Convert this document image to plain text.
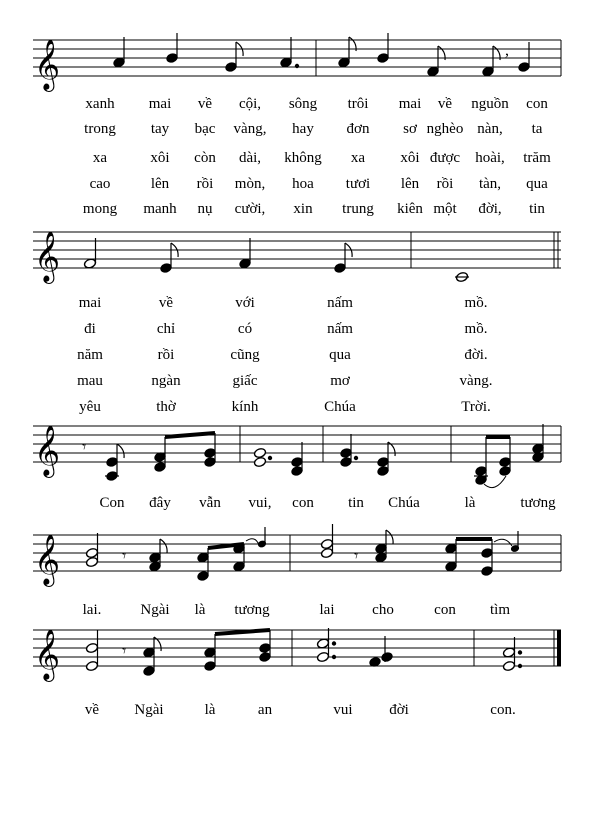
𝄞	,
xanh mai về cội, sông trôi mai về nguồn con
trong tay bạc vàng, hay đơn sơ nghèo nàn, ta
xa	xôi còn dài, không xa xôi được hoài, trăm
cao	lên rồi mòn, hoa tươi lên rồi tàn, qua
mong manh nụ cười, xin trung kiên một đời, tin
𝄞
mai	về	với	nấm	mồ.
đi	chỉ	có	nấm	mồ.
năm	rồi	cũng	qua	đời.
mau	ngàn	giấc	mơ	vàng.
yêu	thờ	kính	Chúa	Trời.
𝄞 𝄾
Con đây vẫn vui, con tin Chúa	là	tương
𝄞	𝄾	𝄾
lai.	Ngài là tương	lai	cho	con tìm
𝄞	𝄾
về Ngài	là	an	vui đời	con.
